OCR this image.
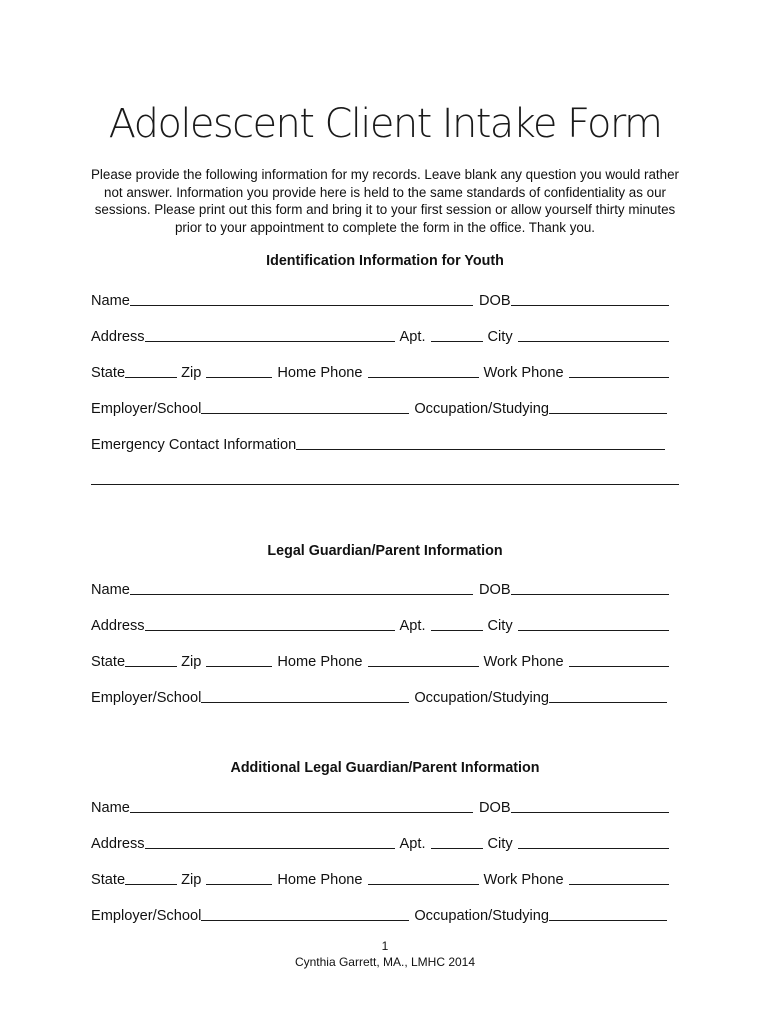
Adolescent Client Intake Form
Please provide the following information for my records. Leave blank any question you would rather not answer. Information you provide here is held to the same standards of confidentiality as our sessions. Please print out this form and bring it to your first session or allow yourself thirty minutes prior to your appointment to complete the form in the office. Thank you.
Identification Information for Youth
Name	DOB
Address	Apt.	City
State	Zip	Home Phone	Work Phone
Employer/School	Occupation/Studying
Emergency Contact Information
Legal Guardian/Parent Information
Name	DOB
Address	Apt.	City
State	Zip	Home Phone	Work Phone
Employer/School	Occupation/Studying
Additional Legal Guardian/Parent Information
Name	DOB
Address	Apt.	City
State	Zip	Home Phone	Work Phone
Employer/School	Occupation/Studying
1
Cynthia Garrett, MA., LMHC 2014
